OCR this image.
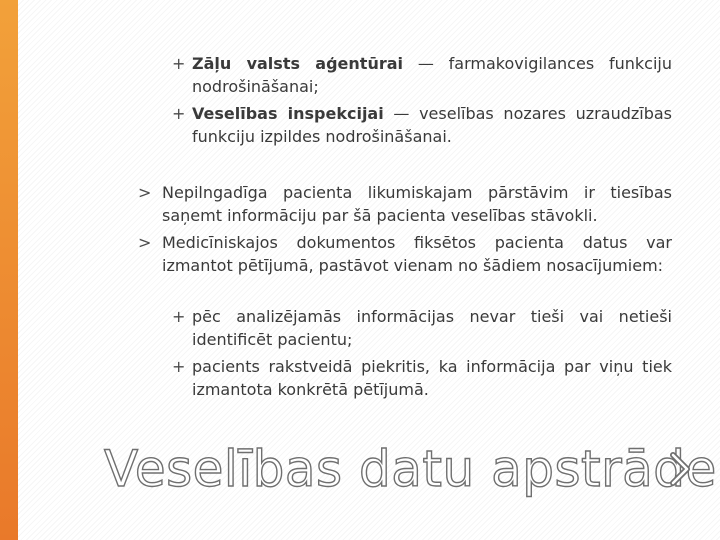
+ Zāļu valsts aģentūrai — farmakovigilances funkciju nodrošināšanai;
+ Veselības inspekcijai — veselības nozares uzraudzības funkciju izpildes nodrošināšanai.
> Nepilngadīga pacienta likumiskajam pārstāvim ir tiesības saņemt informāciju par šā pacienta veselības stāvokli.
> Medicīniskajos dokumentos fiksētos pacienta datus var izmantot pētījumā, pastāvot vienam no šādiem nosacījumiem:
+ pēc analizējamās informācijas nevar tieši vai netieši identificēt pacientu;
+ pacients rakstveidā piekritis, ka informācija par viņu tiek izmantota konkrētā pētījumā.
Veselības datu apstrāde
